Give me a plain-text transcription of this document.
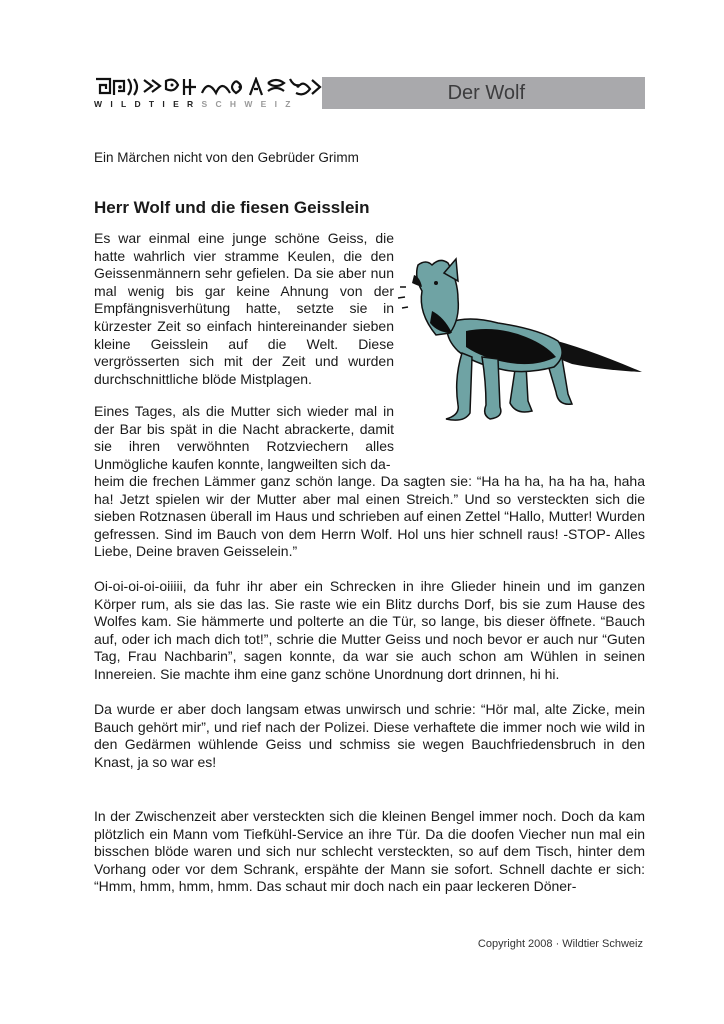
WILDTIERSCHWEIZ	Der Wolf
Ein Märchen nicht von den Gebrüder Grimm
Herr Wolf und die fiesen Geisslein

Es war einmal eine junge schöne Geiss, die hatte wahrlich vier stramme Keulen, die den Geissenmännern sehr gefielen. Da sie aber nun mal wenig bis gar keine Ahnung von der Empfängnisverhütung hatte, setzte sie in kürzester Zeit so einfach hintereinander sieben kleine Geisslein auf die Welt. Diese vergrösserten sich mit der Zeit und wurden durchschnittliche blöde Mistplagen.

Eines Tages, als die Mutter sich wieder mal in der Bar bis spät in die Nacht abrackerte, damit sie ihren verwöhnten Rotzviechern alles Unmögliche kaufen konnte, langweilten sich da-

heim die frechen Lämmer ganz schön lange. Da sagten sie: “Ha ha ha, ha ha ha, haha ha! Jetzt spielen wir der Mutter aber mal einen Streich.” Und so versteckten sich die sieben Rotznasen überall im Haus und schrieben auf einen Zettel “Hallo, Mutter! Wurden gefressen. Sind im Bauch von dem Herrn Wolf. Hol uns hier schnell raus! -STOP- Alles Liebe, Deine braven Geisselein.”

Oi-oi-oi-oi-oiiiii, da fuhr ihr aber ein Schrecken in ihre Glieder hinein und im ganzen Körper rum, als sie das las. Sie raste wie ein Blitz durchs Dorf, bis sie zum Hause des Wolfes kam. Sie hämmerte und polterte an die Tür, so lange, bis dieser öffnete. “Bauch auf, oder ich mach dich tot!”, schrie die Mutter Geiss und noch bevor er auch nur “Guten Tag, Frau Nachbarin”, sagen konnte, da war sie auch schon am Wühlen in seinen Innereien. Sie machte ihm eine ganz schöne Unordnung dort drinnen, hi hi.

Da wurde er aber doch langsam etwas unwirsch und schrie: “Hör mal, alte Zicke, mein Bauch gehört mir”, und rief nach der Polizei. Diese verhaftete die immer noch wie wild in den Gedärmen wühlende Geiss und schmiss sie wegen Bauchfriedensbruch in den Knast, ja so war es!

In der Zwischenzeit aber versteckten sich die kleinen Bengel immer noch. Doch da kam plötzlich ein Mann vom Tiefkühl-Service an ihre Tür. Da die doofen Viecher nun mal ein bisschen blöde waren und sich nur schlecht versteckten, so auf dem Tisch, hinter dem Vorhang oder vor dem Schrank, erspähte der Mann sie sofort. Schnell dachte er sich: “Hmm, hmm, hmm, hmm. Das schaut mir doch nach ein paar leckeren Döner-

Copyright 2008 · Wildtier Schweiz
